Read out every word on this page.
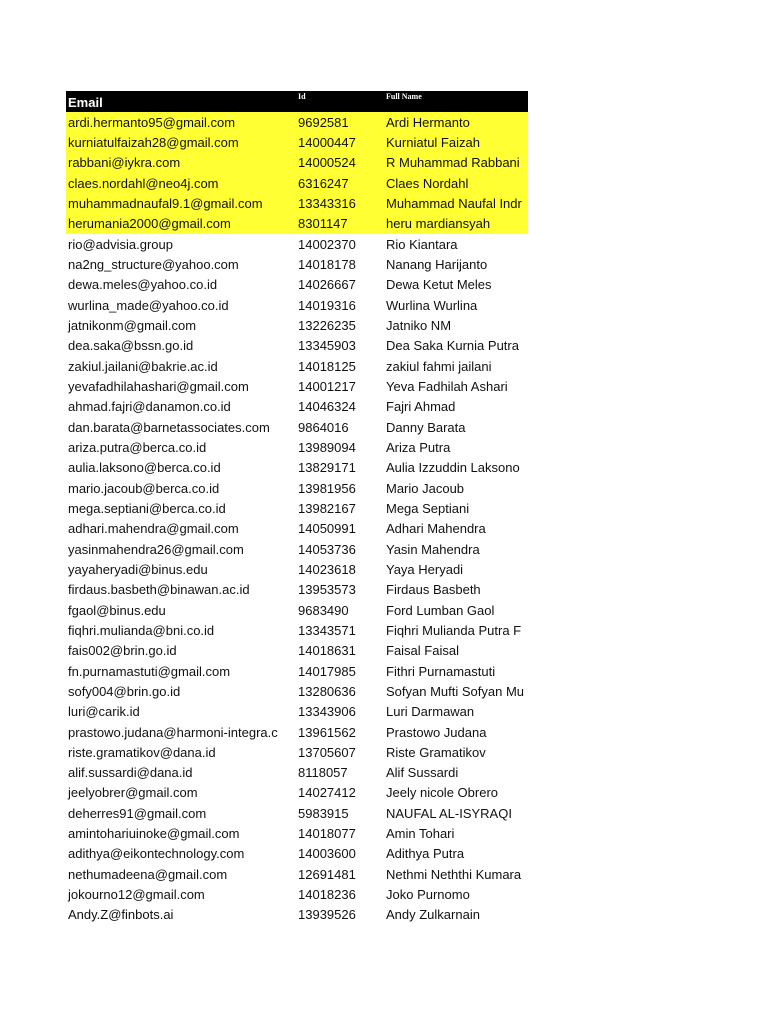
Email	Id	Full Name
ardi.hermanto95@gmail.com	9692581	Ardi Hermanto
kurniatulfaizah28@gmail.com	14000447	Kurniatul Faizah
rabbani@iykra.com	14000524	R Muhammad Rabbani
claes.nordahl@neo4j.com	6316247	Claes Nordahl
muhammadnaufal9.1@gmail.com	13343316	Muhammad Naufal Indr
herumania2000@gmail.com	8301147	heru mardiansyah
rio@advisia.group	14002370	Rio Kiantara
na2ng_structure@yahoo.com	14018178	Nanang Harijanto
dewa.meles@yahoo.co.id	14026667	Dewa Ketut Meles
wurlina_made@yahoo.co.id	14019316	Wurlina Wurlina
jatnikonm@gmail.com	13226235	Jatniko NM
dea.saka@bssn.go.id	13345903	Dea Saka Kurnia Putra
zakiul.jailani@bakrie.ac.id	14018125	zakiul fahmi jailani
yevafadhilahashari@gmail.com	14001217	Yeva Fadhilah Ashari
ahmad.fajri@danamon.co.id	14046324	Fajri Ahmad
dan.barata@barnetassociates.com	9864016	Danny Barata
ariza.putra@berca.co.id	13989094	Ariza Putra
aulia.laksono@berca.co.id	13829171	Aulia Izzuddin Laksono
mario.jacoub@berca.co.id	13981956	Mario Jacoub
mega.septiani@berca.co.id	13982167	Mega Septiani
adhari.mahendra@gmail.com	14050991	Adhari Mahendra
yasinmahendra26@gmail.com	14053736	Yasin Mahendra
yayaheryadi@binus.edu	14023618	Yaya Heryadi
firdaus.basbeth@binawan.ac.id	13953573	Firdaus Basbeth
fgaol@binus.edu	9683490	Ford Lumban Gaol
fiqhri.mulianda@bni.co.id	13343571	Fiqhri Mulianda Putra F
fais002@brin.go.id	14018631	Faisal Faisal
fn.purnamastuti@gmail.com	14017985	Fithri Purnamastuti
sofy004@brin.go.id	13280636	Sofyan Mufti Sofyan Mu
luri@carik.id	13343906	Luri Darmawan
prastowo.judana@harmoni-integra.c	13961562	Prastowo Judana
riste.gramatikov@dana.id	13705607	Riste Gramatikov
alif.sussardi@dana.id	8118057	Alif Sussardi
jeelyobrer@gmail.com	14027412	Jeely nicole Obrero
deherres91@gmail.com	5983915	NAUFAL AL-ISYRAQI
amintohariuinoke@gmail.com	14018077	Amin Tohari
adithya@eikontechnology.com	14003600	Adithya Putra
nethumadeena@gmail.com	12691481	Nethmi Neththi Kumara
jokourno12@gmail.com	14018236	Joko Purnomo
Andy.Z@finbots.ai	13939526	Andy Zulkarnain
